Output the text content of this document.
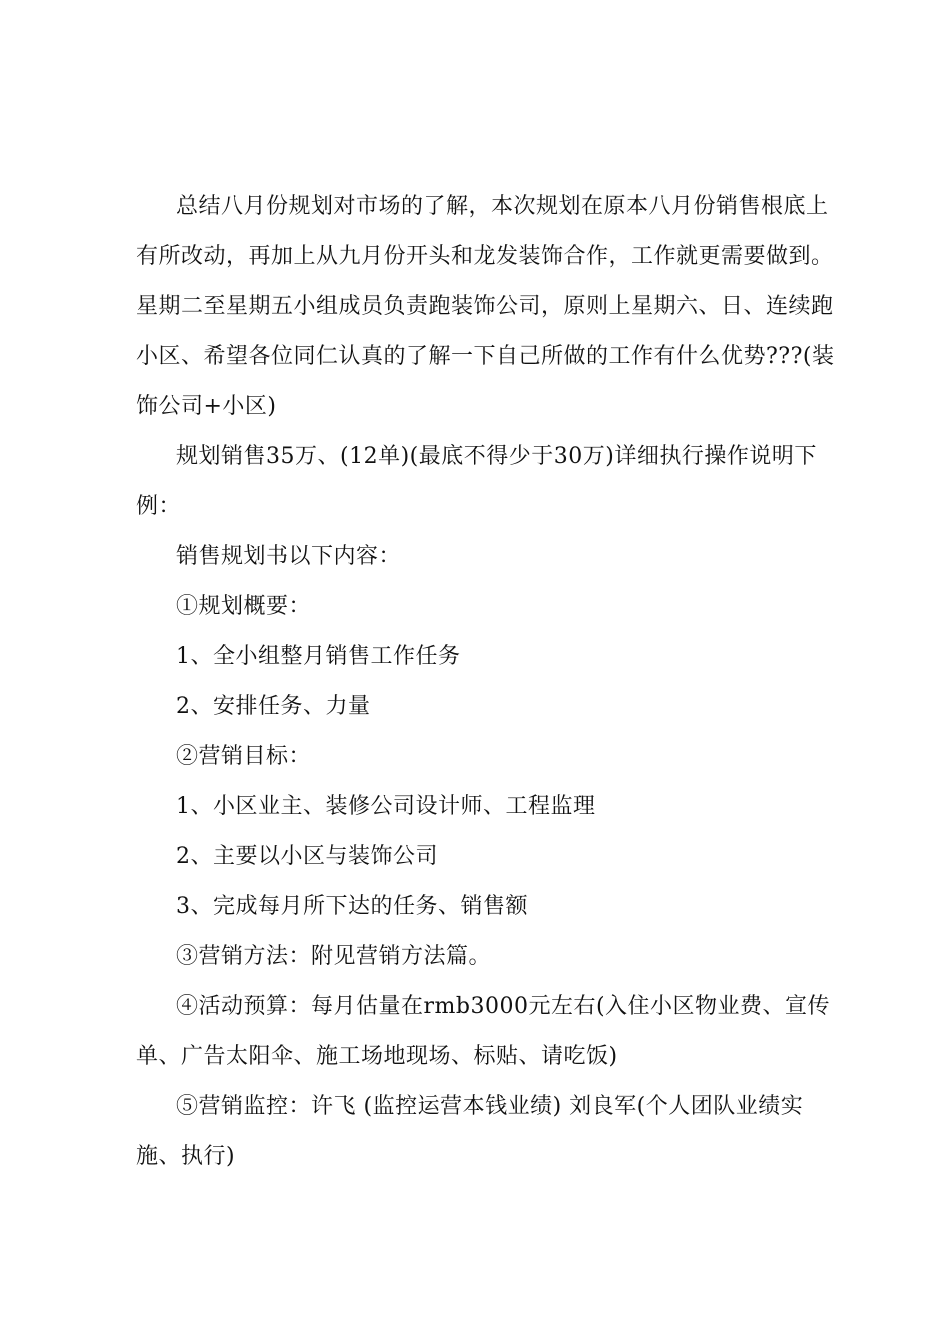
总结八月份规划对市场的了解，本次规划在原本八月份销售根底上
有所改动，再加上从九月份开头和龙发装饰合作，工作就更需要做到。
星期二至星期五小组成员负责跑装饰公司，原则上星期六、日、连续跑
小区、希望各位同仁认真的了解一下自己所做的工作有什么优势???(装
饰公司+小区)
规划销售35万、(12单)(最底不得少于30万)详细执行操作说明下
例：
销售规划书以下内容：
①规划概要：
1、全小组整月销售工作任务
2、安排任务、力量
②营销目标：
1、小区业主、装修公司设计师、工程监理
2、主要以小区与装饰公司
3、完成每月所下达的任务、销售额
③营销方法：附见营销方法篇。
④活动预算：每月估量在rmb3000元左右(入住小区物业费、宣传
单、广告太阳伞、施工场地现场、标贴、请吃饭)
⑤营销监控：许飞 (监控运营本钱业绩) 刘良军(个人团队业绩实
施、执行)
